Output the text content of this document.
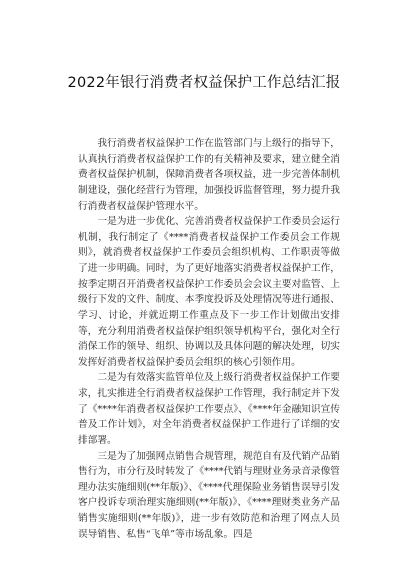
2022年银行消费者权益保护工作总结汇报

我行消费者权益保护工作在监管部门与上级行的指导下，认真执行消费者权益保护工作的有关精神及要求，建立健全消费者权益保护机制，保障消费者各项权益，进一步完善体制机制建设，强化经营行为管理，加强投诉监督管理，努力提升我行消费者权益保护管理水平。

一是为进一步优化、完善消费者权益保护工作委员会运行机制，我行制定了《****消费者权益保护工作委员会工作规则》，就消费者权益保护工作委员会组织机构、工作职责等做了进一步明确。同时，为了更好地落实消费者权益保护工作，按季定期召开消费者权益保护工作委员会会议主要对监管、上级行下发的文件、制度、本季度投诉及处理情况等进行通报、学习、讨论，并就近期工作重点及下一步工作计划做出安排等，充分利用消费者权益保护组织领导机构平台，强化对全行消保工作的领导、组织、协调以及具体问题的解决处理，切实发挥好消费者权益保护委员会组织的核心引领作用。

二是为有效落实监管单位及上级行消费者权益保护工作要求，扎实推进全行消费者权益保护工作管理，我行制定并下发了《****年消费者权益保护工作要点》、《****年金融知识宣传普及工作计划》，对全年消费者权益保护工作进行了详细的安排部署。

三是为了加强网点销售合规管理，规范自有及代销产品销售行为，市分行及时转发了《****代销与理财业务录音录像管理办法实施细则(**年版)》、《****代理保险业务销售误导引发客户投诉专项治理实施细则(**年版)》、《****理财类业务产品销售实施细则(**年版)》，进一步有效防范和治理了网点人员误导销售、私售“飞单”等市场乱象。四是
